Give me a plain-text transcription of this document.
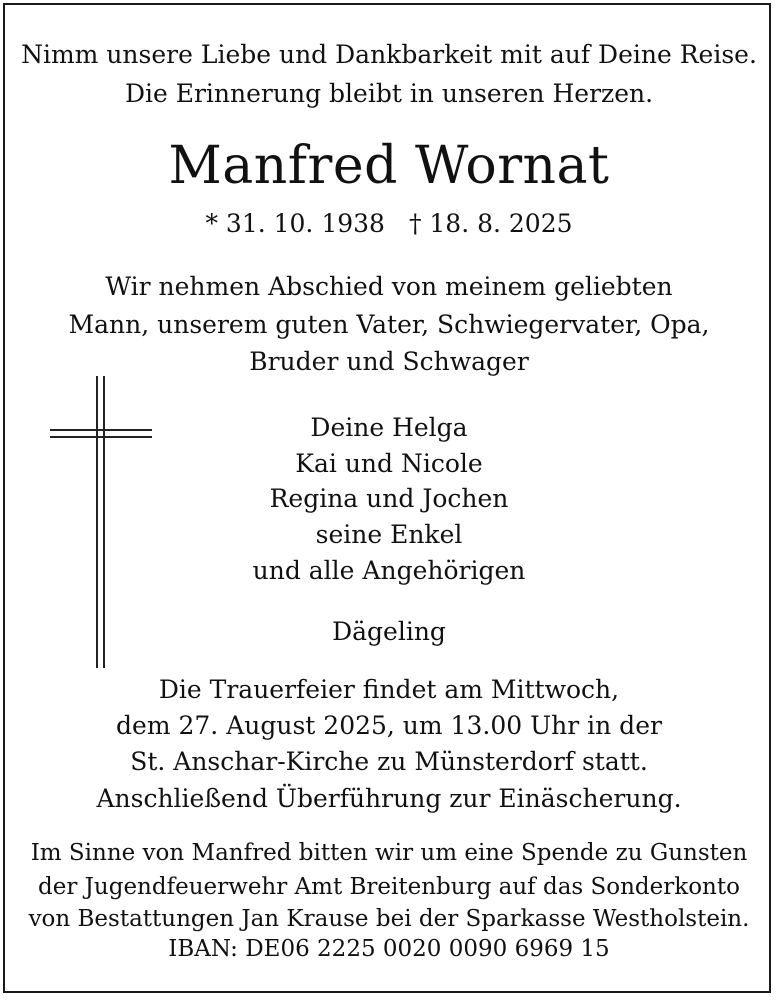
Nimm unsere Liebe und Dankbarkeit mit auf Deine Reise.
Die Erinnerung bleibt in unseren Herzen.
Manfred Wornat
* 31. 10. 1938 † 18. 8. 2025
Wir nehmen Abschied von meinem geliebten
Mann, unserem guten Vater, Schwiegervater, Opa,
Bruder und Schwager
Deine Helga
Kai und Nicole
Regina und Jochen
seine Enkel
und alle Angehörigen
Dägeling
Die Trauerfeier findet am Mittwoch,
dem 27. August 2025, um 13.00 Uhr in der
St. Anschar-Kirche zu Münsterdorf statt.
Anschließend Überführung zur Einäscherung.
Im Sinne von Manfred bitten wir um eine Spende zu Gunsten
der Jugendfeuerwehr Amt Breitenburg auf das Sonderkonto
von Bestattungen Jan Krause bei der Sparkasse Westholstein.
IBAN: DE06 2225 0020 0090 6969 15
